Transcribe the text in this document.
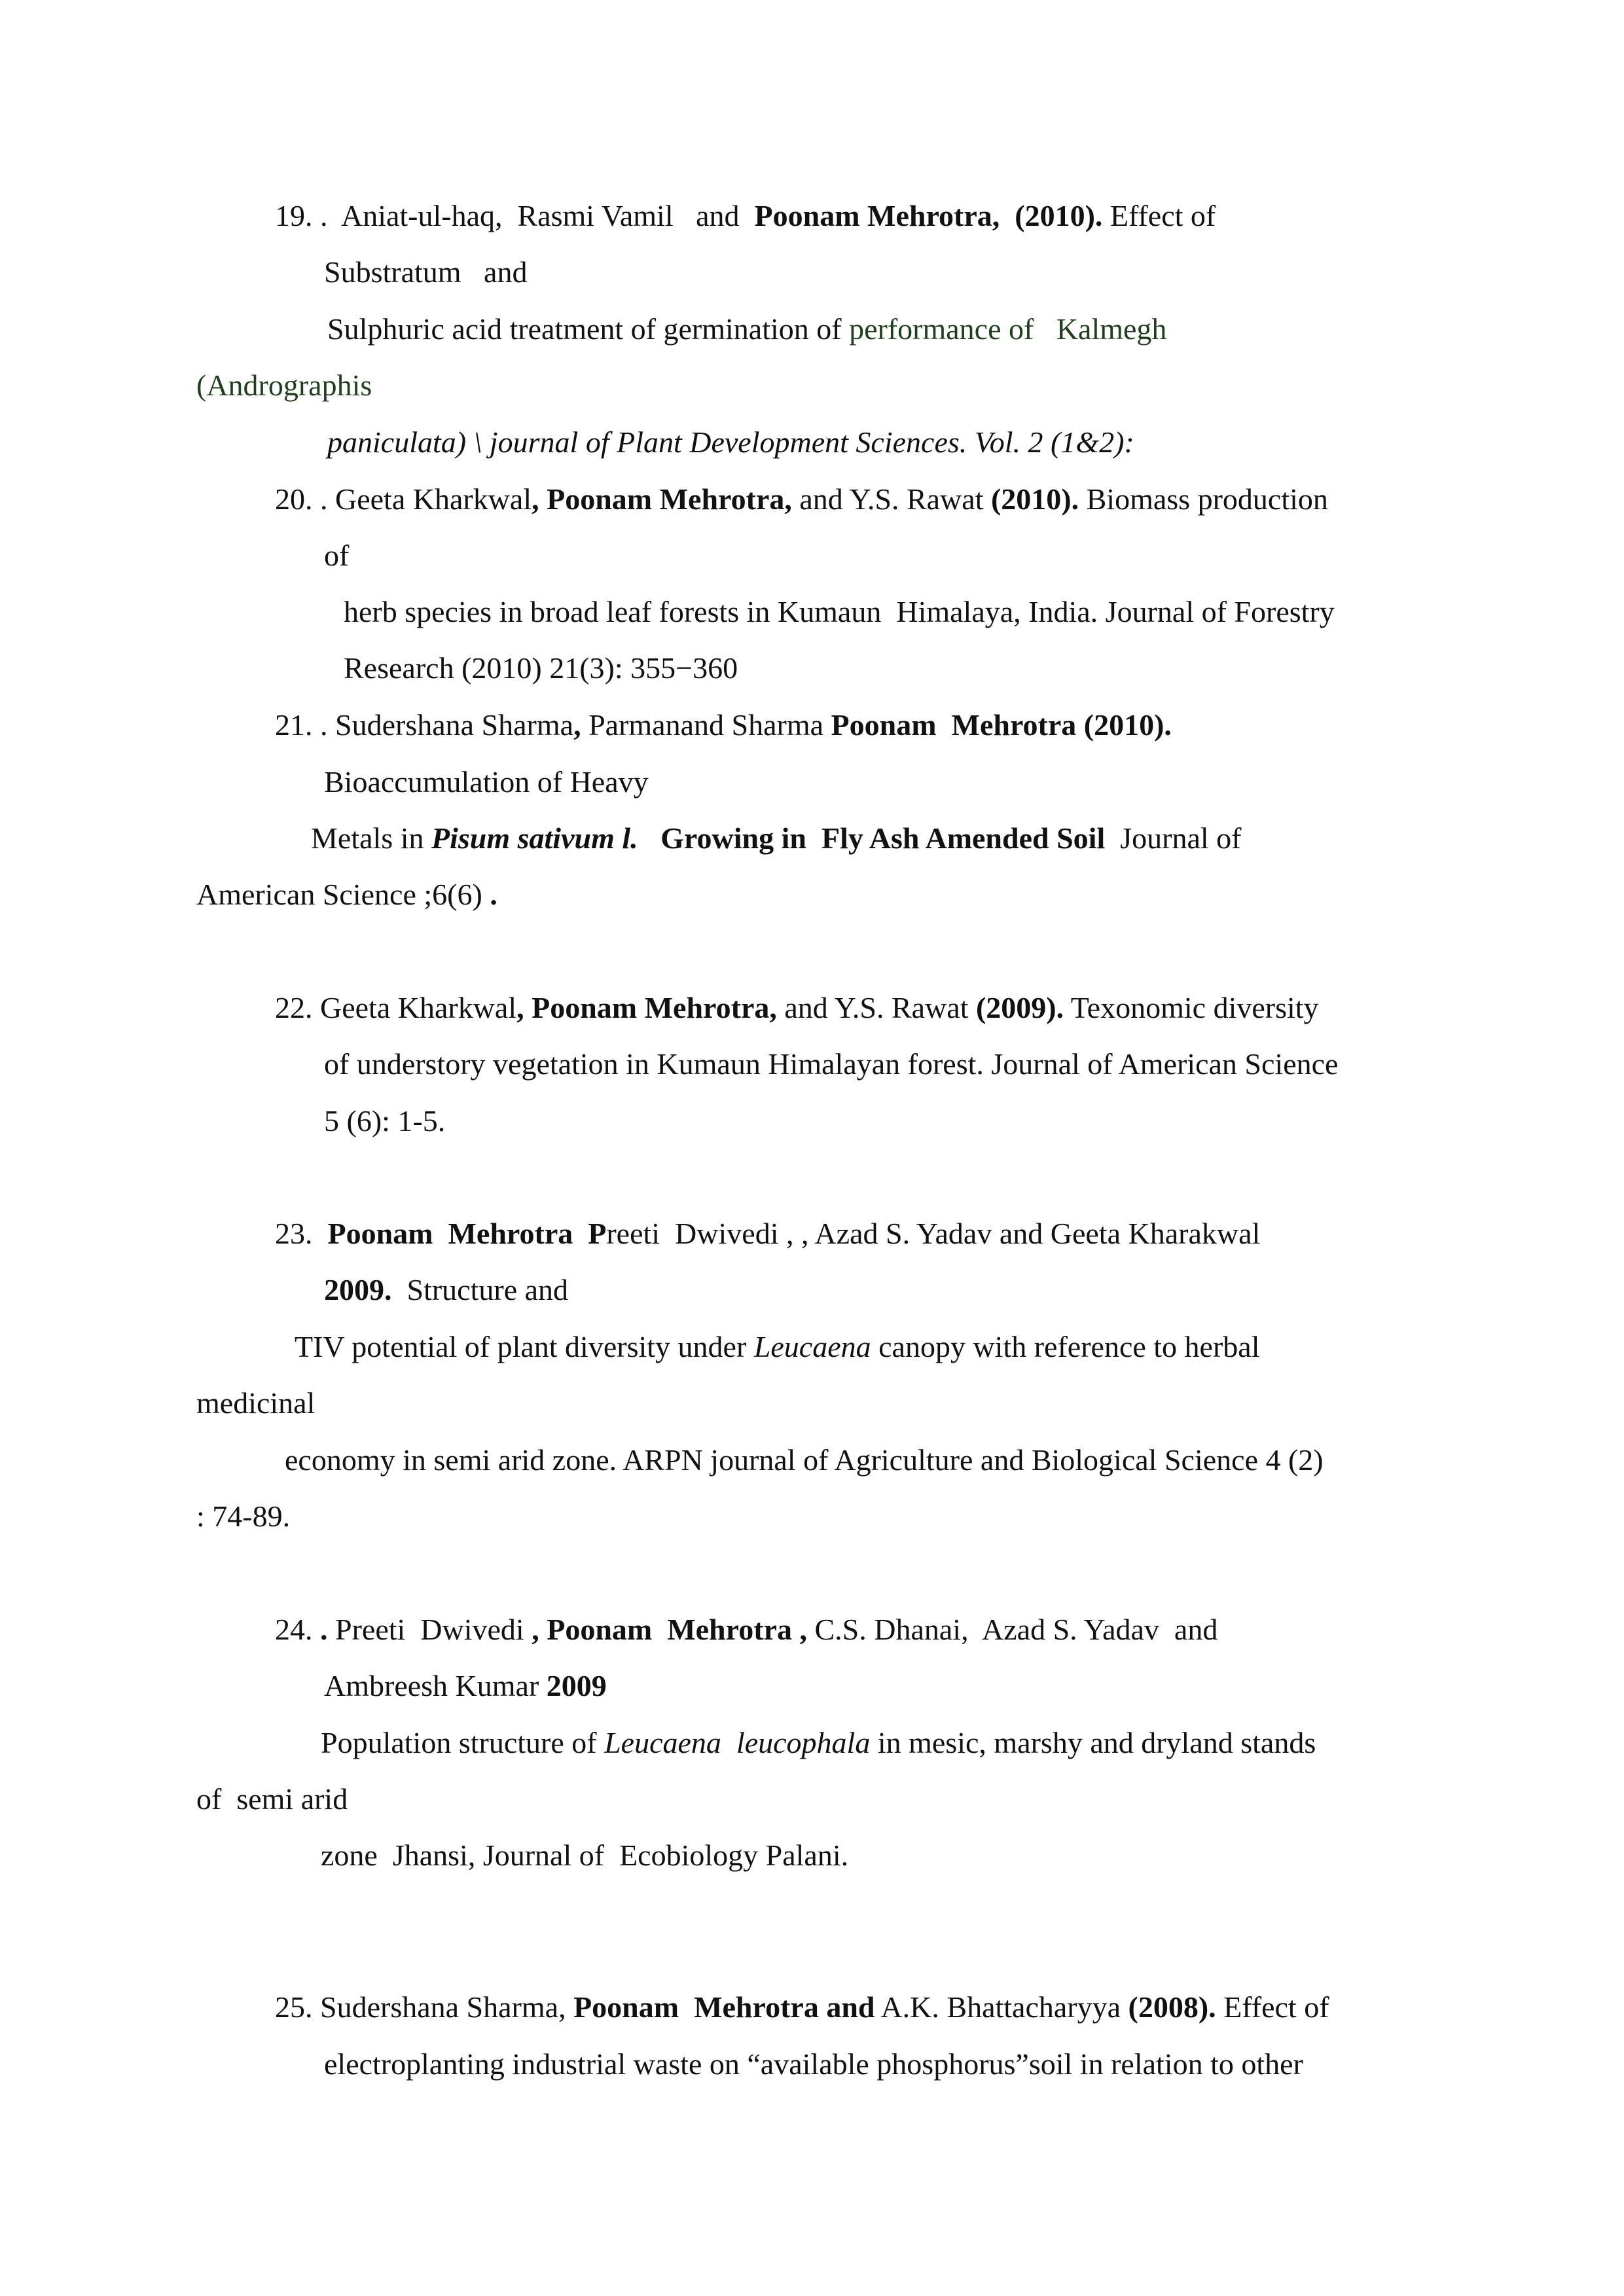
19. . Aniat-ul-haq,  Rasmi Vamil   and  Poonam Mehrotra,  (2010). Effect of
Substratum   and
Sulphuric acid treatment of germination of performance of   Kalmegh
(Andrographis
paniculata) \ journal of Plant Development Sciences. Vol. 2 (1&2):
20. . Geeta Kharkwal, Poonam Mehrotra, and Y.S. Rawat (2010). Biomass production
of
herb species in broad leaf forests in Kumaun  Himalaya, India. Journal of Forestry
Research (2010) 21(3): 355−360
21. . Sudershana Sharma, Parmanand Sharma Poonam  Mehrotra (2010).
Bioaccumulation of Heavy
Metals in Pisum sativum l.   Growing in  Fly Ash Amended Soil  Journal of
American Science ;6(6) .
22. Geeta Kharkwal, Poonam Mehrotra, and Y.S. Rawat (2009). Texonomic diversity
of understory vegetation in Kumaun Himalayan forest. Journal of American Science
5 (6): 1-5.
23.  Poonam  Mehrotra  Preeti  Dwivedi , , Azad S. Yadav and Geeta Kharakwal
2009.  Structure and
TIV potential of plant diversity under Leucaena canopy with reference to herbal
medicinal
economy in semi arid zone. ARPN journal of Agriculture and Biological Science 4 (2)
: 74-89.
24. . Preeti  Dwivedi , Poonam  Mehrotra , C.S. Dhanai,  Azad S. Yadav  and
Ambreesh Kumar 2009
Population structure of Leucaena  leucophala in mesic, marshy and dryland stands
of  semi arid
zone  Jhansi, Journal of  Ecobiology Palani.
25. Sudershana Sharma, Poonam  Mehrotra and A.K. Bhattacharyya (2008). Effect of
electroplanting industrial waste on “available phosphorus”soil in relation to other
